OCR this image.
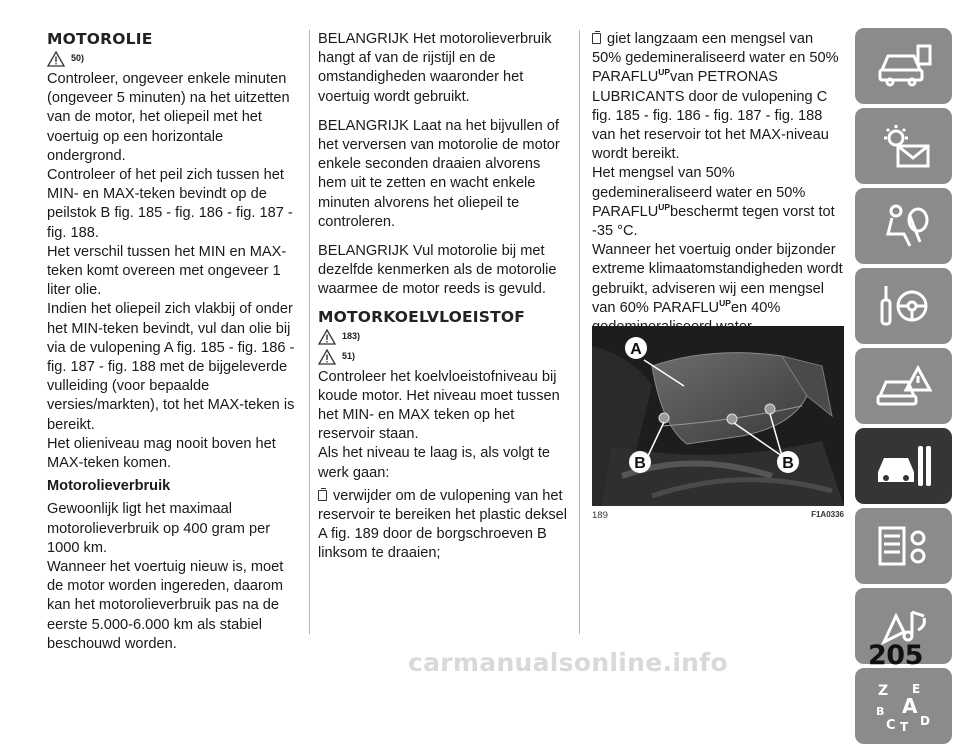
MOTOROLIE
50)

Controleer, ongeveer enkele minuten (ongeveer 5 minuten) na het uitzetten van de motor, het oliepeil met het voertuig op een horizontale ondergrond.

Controleer of het peil zich tussen het MIN- en MAX-teken bevindt op de peilstok B fig. 185 - fig. 186 - fig. 187 - fig. 188.

Het verschil tussen het MIN en MAX-teken komt overeen met ongeveer 1 liter olie.

Indien het oliepeil zich vlakbij of onder het MIN-teken bevindt, vul dan olie bij via de vulopening A fig. 185 - fig. 186 - fig. 187 - fig. 188 met de bijgeleverde vulleiding (voor bepaalde versies/markten), tot het MAX-teken is bereikt.

Het olieniveau mag nooit boven het MAX-teken komen.

Motorolieverbruik

Gewoonlijk ligt het maximaal motorolieverbruik op 400 gram per 1000 km.

Wanneer het voertuig nieuw is, moet de motor worden ingereden, daarom kan het motorolieverbruik pas na de eerste 5.000-6.000 km als stabiel beschouwd worden.

BELANGRIJK Het motorolieverbruik hangt af van de rijstijl en de omstandigheden waaronder het voertuig wordt gebruikt.

BELANGRIJK Laat na het bijvullen of het verversen van motorolie de motor enkele seconden draaien alvorens hem uit te zetten en wacht enkele minuten alvorens het oliepeil te controleren.

BELANGRIJK Vul motorolie bij met dezelfde kenmerken als de motorolie waarmee de motor reeds is gevuld.

MOTORKOELVLOEISTOF
183)
51)

Controleer het koelvloeistofniveau bij koude motor. Het niveau moet tussen het MIN- en MAX teken op het reservoir staan.

Als het niveau te laag is, als volgt te werk gaan:

verwijder om de vulopening van het reservoir te bereiken het plastic deksel A fig. 189 door de borgschroeven B linksom te draaien;

giet langzaam een mengsel van 50% gedemineraliseerd water en 50% $PARAFLU^{UP}van$ PETRONAS LUBRICANTS door de vulopening C fig. 185 - fig. 186 - fig. 187 - fig. 188 van het reservoir tot het MAX-niveau wordt bereikt.

Het mengsel van 50% gedemineraliseerd water en 50% $PARAFLU^{UP}beschermt$ tegen vorst tot -35 °C.

Wanneer het voertuig onder bijzonder extreme klimaatomstandigheden wordt gebruikt, adviseren wij een mengsel van 60% $PARAFLU^{UP}en$ 40%

A
B	B
189	F1A0336
Z E
B A
C T D
205
carmanualsonline.info
